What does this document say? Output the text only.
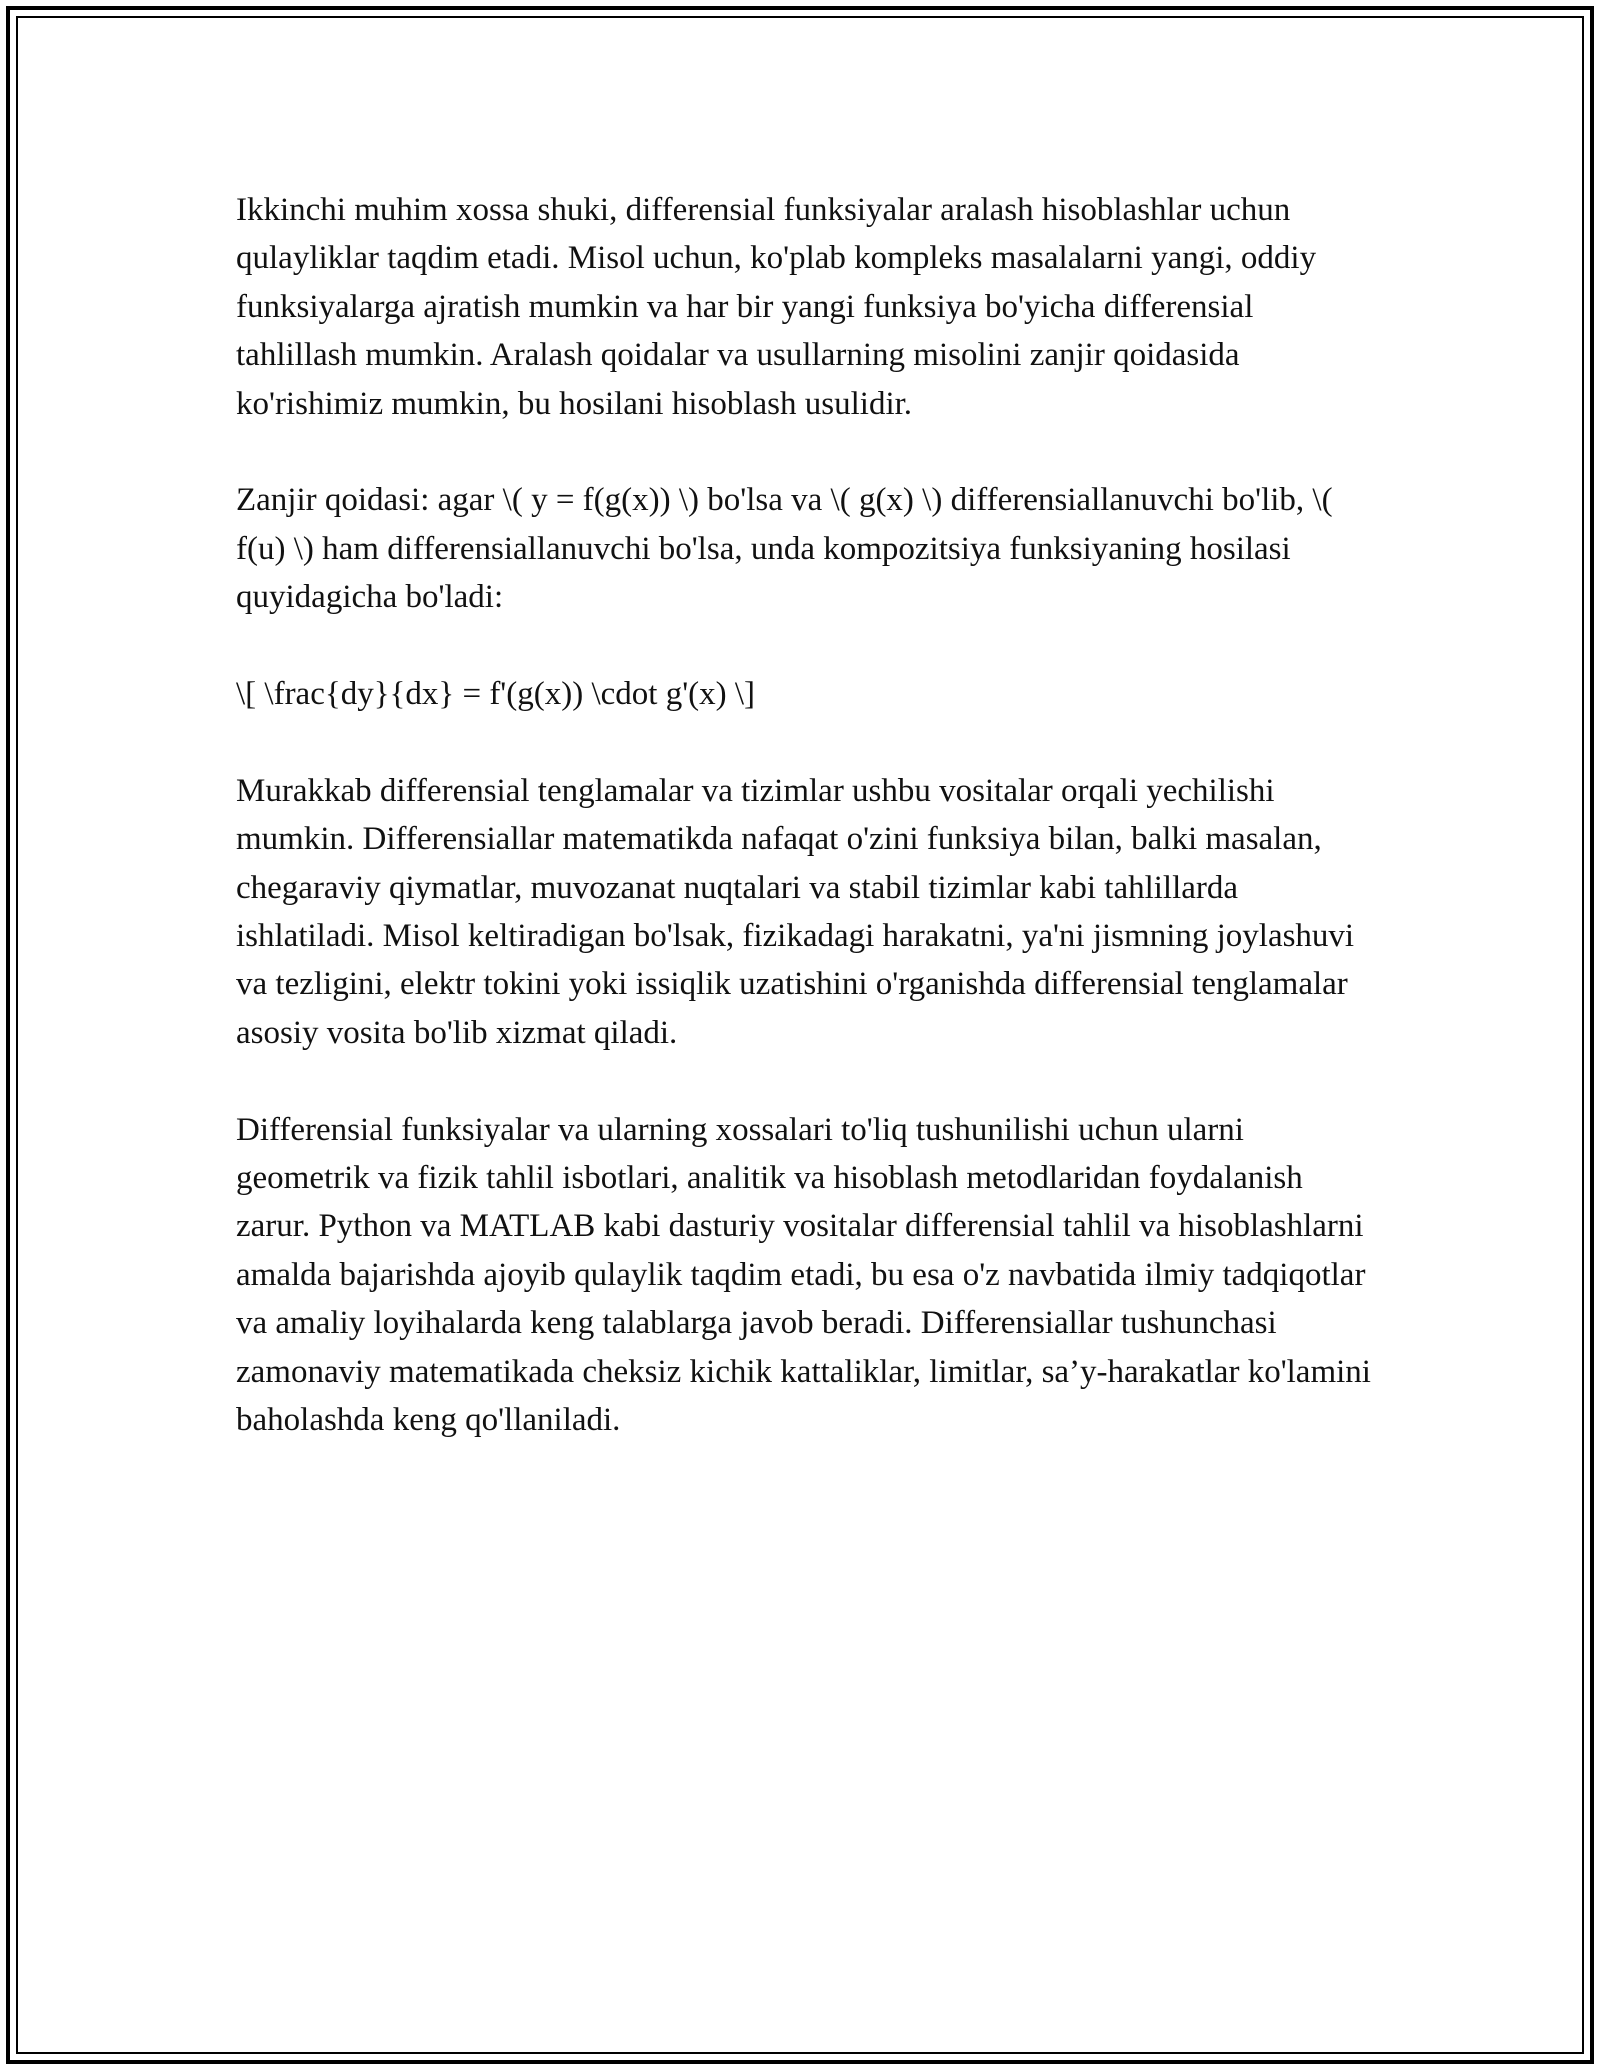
Ikkinchi muhim xossa shuki, differensial funksiyalar aralash hisoblashlar uchun qulayliklar taqdim etadi. Misol uchun, ko'plab kompleks masalalarni yangi, oddiy funksiyalarga ajratish mumkin va har bir yangi funksiya bo'yicha differensial tahlillash mumkin. Aralash qoidalar va usullarning misolini zanjir qoidasida ko'rishimiz mumkin, bu hosilani hisoblash usulidir.

Zanjir qoidasi: agar \( y = f(g(x)) \) bo'lsa va \( g(x) \) differensiallanuvchi bo'lib, \( f(u) \) ham differensiallanuvchi bo'lsa, unda kompozitsiya funksiyaning hosilasi quyidagicha bo'ladi:

\[ \frac{dy}{dx} = f'(g(x)) \cdot g'(x) \]

Murakkab differensial tenglamalar va tizimlar ushbu vositalar orqali yechilishi mumkin. Differensiallar matematikda nafaqat o'zini funksiya bilan, balki masalan, chegaraviy qiymatlar, muvozanat nuqtalari va stabil tizimlar kabi tahlillarda ishlatiladi. Misol keltiradigan bo'lsak, fizikadagi harakatni, ya'ni jismning joylashuvi va tezligini, elektr tokini yoki issiqlik uzatishini o'rganishda differensial tenglamalar asosiy vosita bo'lib xizmat qiladi.

Differensial funksiyalar va ularning xossalari to'liq tushunilishi uchun ularni geometrik va fizik tahlil isbotlari, analitik va hisoblash metodlaridan foydalanish zarur. Python va MATLAB kabi dasturiy vositalar differensial tahlil va hisoblashlarni amalda bajarishda ajoyib qulaylik taqdim etadi, bu esa o'z navbatida ilmiy tadqiqotlar va amaliy loyihalarda keng talablarga javob beradi. Differensiallar tushunchasi zamonaviy matematikada cheksiz kichik kattaliklar, limitlar, sa’y-harakatlar ko'lamini baholashda keng qo'llaniladi.
